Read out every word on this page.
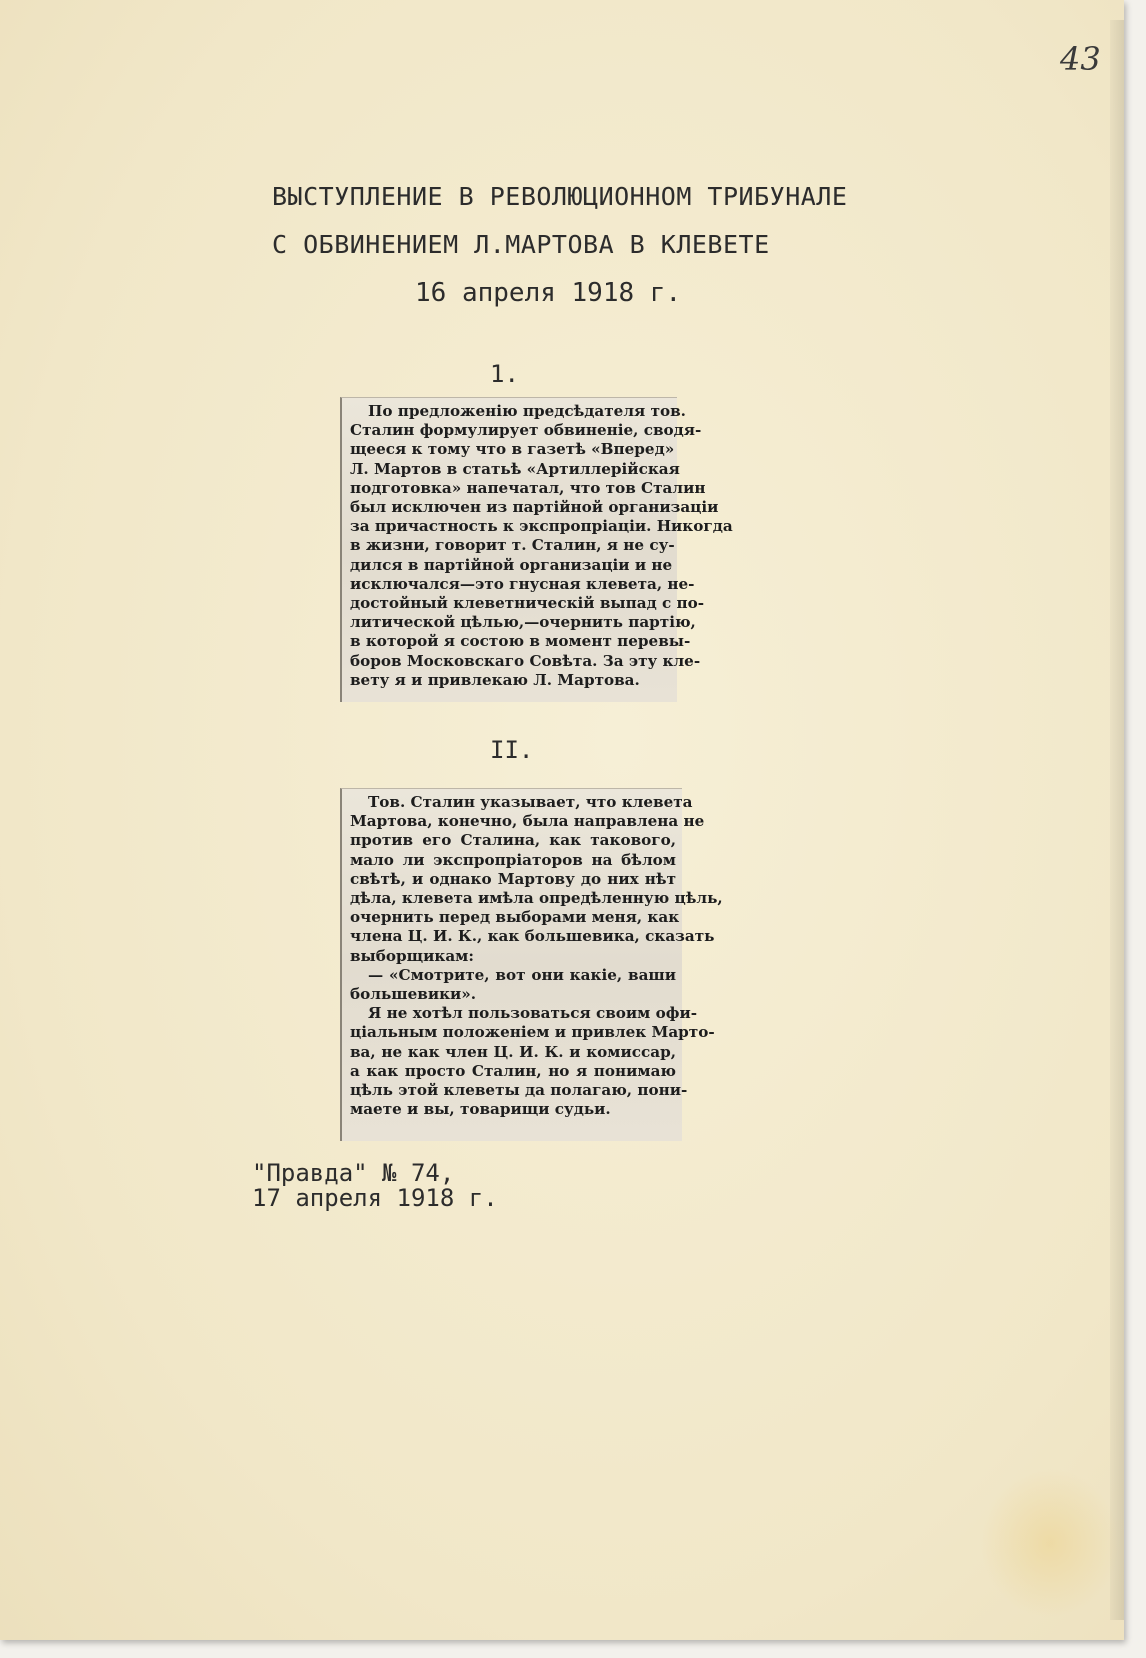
43
ВЫСТУПЛЕНИЕ В РЕВОЛЮЦИОННОМ ТРИБУНАЛЕ
С ОБВИНЕНИЕМ Л.МАРТОВА В КЛЕВЕТЕ
16 апреля 1918 г.
1.
По предложенію предсѣдателя тов.
Сталин формулирует обвиненіе, сводя-
щееся к тому что в газетѣ «Вперед»
Л. Мартов в статьѣ «Артиллерійская
подготовка» напечатал, что тов Сталин
был исключен из партійной организаціи
за причастность к экспропріаціи. Никогда
в жизни, говорит т. Сталин, я не су-
дился в партійной организаціи и не
исключался—это гнусная клевета, не-
достойный клеветническій выпад с по-
литической цѣлью,—очернить партію,
в которой я состою в момент перевы-
боров Московскаго Совѣта. За эту кле-
вету я и привлекаю Л. Мартова.
II.
Тов. Сталин указывает, что клевета
Мартова, конечно, была направлена не
против его Сталина, как такового,
мало ли экспропріаторов на бѣлом
свѣтѣ, и однако Мартову до них нѣт
дѣла, клевета имѣла опредѣленную цѣль,
очернить перед выборами меня, как
члена Ц. И. К., как большевика, сказать
выборщикам:
— «Смотрите, вот они какіе, ваши
большевики».
Я не хотѣл пользоваться своим офи-
ціальным положеніем и привлек Марто-
ва, не как член Ц. И. К. и комиссар,
а как просто Сталин, но я понимаю
цѣль этой клеветы да полагаю, пони-
маете и вы, товарищи судьи.
"Правда" № 74,
17 апреля 1918 г.
